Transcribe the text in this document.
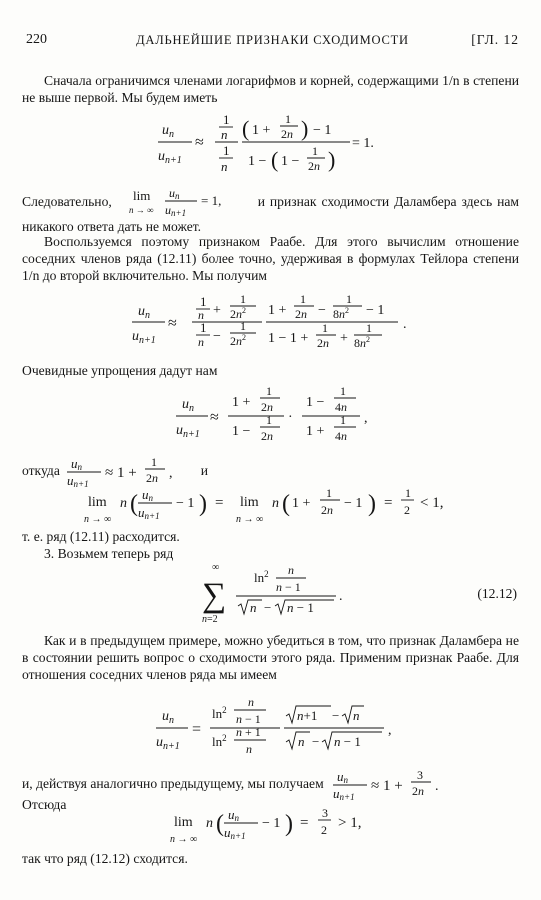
220	ДАЛЬНЕЙШИЕ ПРИЗНАКИ СХОДИМОСТИ	[ГЛ. 12
Сначала ограничимся членами логарифмов и корней, содержащими 1/n в степени не выше первой. Мы будем иметь
$u_n$
$u_{n+1}$
≈
1
n
1
n
( 1 +
1
2n ) − 1
1 − ( 1 −
1
2n )
= 1.
Следовательно, lim
n → ∞
un
un+1
= 1,	и признак сходимости Даламбера здесь нам никакого ответа дать не может.
Воспользуемся поэтому признаком Раабе. Для этого вычислим отношение соседних членов ряда (12.11) более точно, удерживая в формулах Тейлора степени 1/n до второй включительно. Мы получим
$u_n$
$u_{n+1}$
≈
1
n +
1
$2n^2$
1
n −
1
$2n^2$
1 +
1
2n −
1
$8n^2 - 1$
1 − 1 +
1
2n +
1
$8n^2$
.
Очевидные упрощения дадут нам
$u_n$
$u_{n+1}$
≈
1 +
1
2n
1 −
1
2n
·
1 −
1
4n
1 +
1
4n
,
откуда un
un+1
≈ 1 +
1
2n , и
lim
n → ∞
n ( un
un+1
− 1 ) = lim
n → ∞
n ( 1 +
1
2n − 1 ) =
1
2 < 1,
т. е. ряд (12.11) расходится.
3. Возьмем теперь ряд
∞
∑
n=2
$\ln^2 n$
n − 1
n − n − 1
.	(12.12)
Как и в предыдущем примере, можно убедиться в том, что признак Даламбера не в состоянии решить вопрос о сходимости этого ряда. Применим признак Раабе. Для отношения соседних членов ряда мы имеем
$u_n$
$u_{n+1}$
=
$\ln^2$
n
n − 1
$\ln^2 n + 1$
n
n+1 − n
n − n − 1
,
и, действуя аналогично предыдущему, мы получаем un
un+1
≈ 1 +
3
2n .
Отсюда
lim
n → ∞
n ( un
un+1
− 1 ) =
3
2 > 1,
так что ряд (12.12) сходится.
